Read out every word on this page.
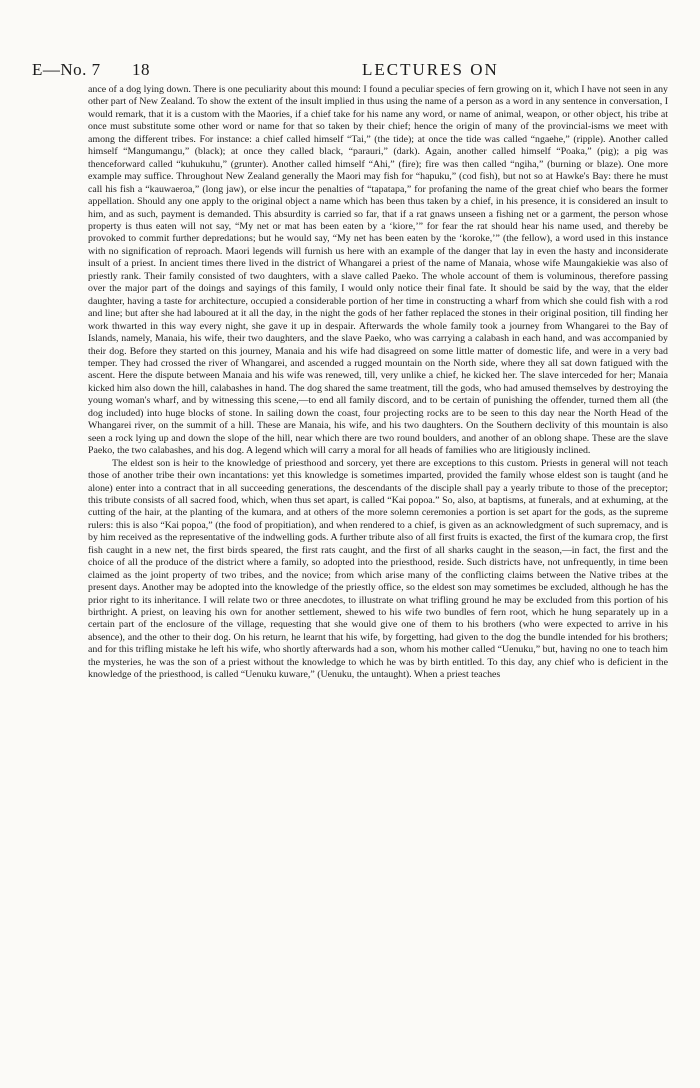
E—No. 7 18	LECTURES ON

ance of a dog lying down. There is one peculiarity about this mound: I found a peculiar species of fern growing on it, which I have not seen in any other part of New Zealand. To show the extent of the insult implied in thus using the name of a person as a word in any sentence in conversation, I would remark, that it is a custom with the Maories, if a chief take for his name any word, or name of animal, weapon, or other object, his tribe at once must substitute some other word or name for that so taken by their chief; hence the origin of many of the provincial-isms we meet with among the different tribes. For instance: a chief called himself “Tai,” (the tide); at once the tide was called “ngaehe,” (ripple). Another called himself “Mangumangu,” (black); at once they called black, “parauri,” (dark). Again, another called himself “Poaka,” (pig); a pig was thenceforward called “kuhukuhu,” (grunter). Another called himself “Ahi,” (fire); fire was then called “ngiha,” (burning or blaze). One more example may suffice. Throughout New Zealand generally the Maori may fish for “hapuku,” (cod fish), but not so at Hawke's Bay: there he must call his fish a “kauwaeroa,” (long jaw), or else incur the penalties of “tapatapa,” for profaning the name of the great chief who bears the former appellation. Should any one apply to the original object a name which has been thus taken by a chief, in his presence, it is considered an insult to him, and as such, payment is demanded. This absurdity is carried so far, that if a rat gnaws unseen a fishing net or a garment, the person whose property is thus eaten will not say, “My net or mat has been eaten by a ‘kiore,’” for fear the rat should hear his name used, and thereby be provoked to commit further depredations; but he would say, “My net has been eaten by the ‘koroke,’” (the fellow), a word used in this instance with no signification of reproach. Maori legends will furnish us here with an example of the danger that lay in even the hasty and inconsiderate insult of a priest. In ancient times there lived in the district of Whangarei a priest of the name of Manaia, whose wife Maungakiekie was also of priestly rank. Their family consisted of two daughters, with a slave called Paeko. The whole account of them is voluminous, therefore passing over the major part of the doings and sayings of this family, I would only notice their final fate. It should be said by the way, that the elder daughter, having a taste for architecture, occupied a considerable portion of her time in constructing a wharf from which she could fish with a rod and line; but after she had laboured at it all the day, in the night the gods of her father replaced the stones in their original position, till finding her work thwarted in this way every night, she gave it up in despair. Afterwards the whole family took a journey from Whangarei to the Bay of Islands, namely, Manaia, his wife, their two daughters, and the slave Paeko, who was carrying a calabash in each hand, and was accompanied by their dog. Before they started on this journey, Manaia and his wife had disagreed on some little matter of domestic life, and were in a very bad temper. They had crossed the river of Whangarei, and ascended a rugged mountain on the North side, where they all sat down fatigued with the ascent. Here the dispute between Manaia and his wife was renewed, till, very unlike a chief, he kicked her. The slave interceded for her; Manaia kicked him also down the hill, calabashes in hand. The dog shared the same treatment, till the gods, who had amused themselves by destroying the young woman's wharf, and by witnessing this scene,—to end all family discord, and to be certain of punishing the offender, turned them all (the dog included) into huge blocks of stone. In sailing down the coast, four projecting rocks are to be seen to this day near the North Head of the Whangarei river, on the summit of a hill. These are Manaia, his wife, and his two daughters. On the Southern declivity of this mountain is also seen a rock lying up and down the slope of the hill, near which there are two round boulders, and another of an oblong shape. These are the slave Paeko, the two calabashes, and his dog. A legend which will carry a moral for all heads of families who are litigiously inclined.

The eldest son is heir to the knowledge of priesthood and sorcery, yet there are exceptions to this custom. Priests in general will not teach those of another tribe their own incantations: yet this knowledge is sometimes imparted, provided the family whose eldest son is taught (and he alone) enter into a contract that in all succeeding generations, the descendants of the disciple shall pay a yearly tribute to those of the preceptor; this tribute consists of all sacred food, which, when thus set apart, is called “Kai popoa.” So, also, at baptisms, at funerals, and at exhuming, at the cutting of the hair, at the planting of the kumara, and at others of the more solemn ceremonies a portion is set apart for the gods, as the supreme rulers: this is also “Kai popoa,” (the food of propitiation), and when rendered to a chief, is given as an acknowledgment of such supremacy, and is by him received as the representative of the indwelling gods. A further tribute also of all first fruits is exacted, the first of the kumara crop, the first fish caught in a new net, the first birds speared, the first rats caught, and the first of all sharks caught in the season,—in fact, the first and the choice of all the produce of the district where a family, so adopted into the priesthood, reside. Such districts have, not unfrequently, in time been claimed as the joint property of two tribes, and the novice; from which arise many of the conflicting claims between the Native tribes at the present days. Another may be adopted into the knowledge of the priestly office, so the eldest son may sometimes be excluded, although he has the prior right to its inheritance. I will relate two or three anecdotes, to illustrate on what trifling ground he may be excluded from this portion of his birthright. A priest, on leaving his own for another settlement, shewed to his wife two bundles of fern root, which he hung separately up in a certain part of the enclosure of the village, requesting that she would give one of them to his brothers (who were expected to arrive in his absence), and the other to their dog. On his return, he learnt that his wife, by forgetting, had given to the dog the bundle intended for his brothers; and for this trifling mistake he left his wife, who shortly afterwards had a son, whom his mother called “Uenuku,” but, having no one to teach him the mysteries, he was the son of a priest without the knowledge to which he was by birth entitled. To this day, any chief who is deficient in the knowledge of the priesthood, is called “Uenuku kuware,” (Uenuku, the untaught). When a priest teaches
